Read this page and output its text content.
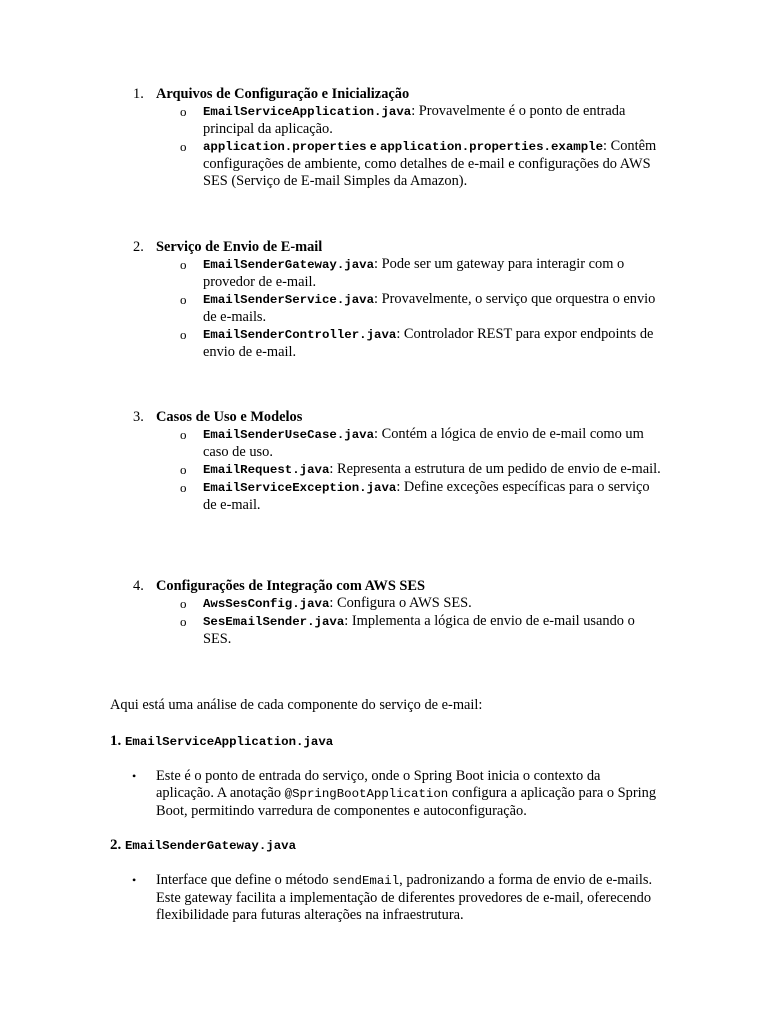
1. Arquivos de Configuração e Inicialização
o EmailServiceApplication.java: Provavelmente é o ponto de entrada principal da aplicação.
o application.properties e application.properties.example: Contêm configurações de ambiente, como detalhes de e-mail e configurações do AWS SES (Serviço de E-mail Simples da Amazon).
2. Serviço de Envio de E-mail
o EmailSenderGateway.java: Pode ser um gateway para interagir com o provedor de e-mail.
o EmailSenderService.java: Provavelmente, o serviço que orquestra o envio de e-mails.
o EmailSenderController.java: Controlador REST para expor endpoints de envio de e-mail.
3. Casos de Uso e Modelos
o EmailSenderUseCase.java: Contém a lógica de envio de e-mail como um caso de uso.
o EmailRequest.java: Representa a estrutura de um pedido de envio de e-mail.
o EmailServiceException.java: Define exceções específicas para o serviço de e-mail.
4. Configurações de Integração com AWS SES
o AwsSesConfig.java: Configura o AWS SES.
o SesEmailSender.java: Implementa a lógica de envio de e-mail usando o SES.
Aqui está uma análise de cada componente do serviço de e-mail:
1. EmailServiceApplication.java
• Este é o ponto de entrada do serviço, onde o Spring Boot inicia o contexto da aplicação. A anotação @SpringBootApplication configura a aplicação para o Spring Boot, permitindo varredura de componentes e autoconfiguração.
2. EmailSenderGateway.java
• Interface que define o método sendEmail, padronizando a forma de envio de e-mails. Este gateway facilita a implementação de diferentes provedores de e-mail, oferecendo flexibilidade para futuras alterações na infraestrutura.
